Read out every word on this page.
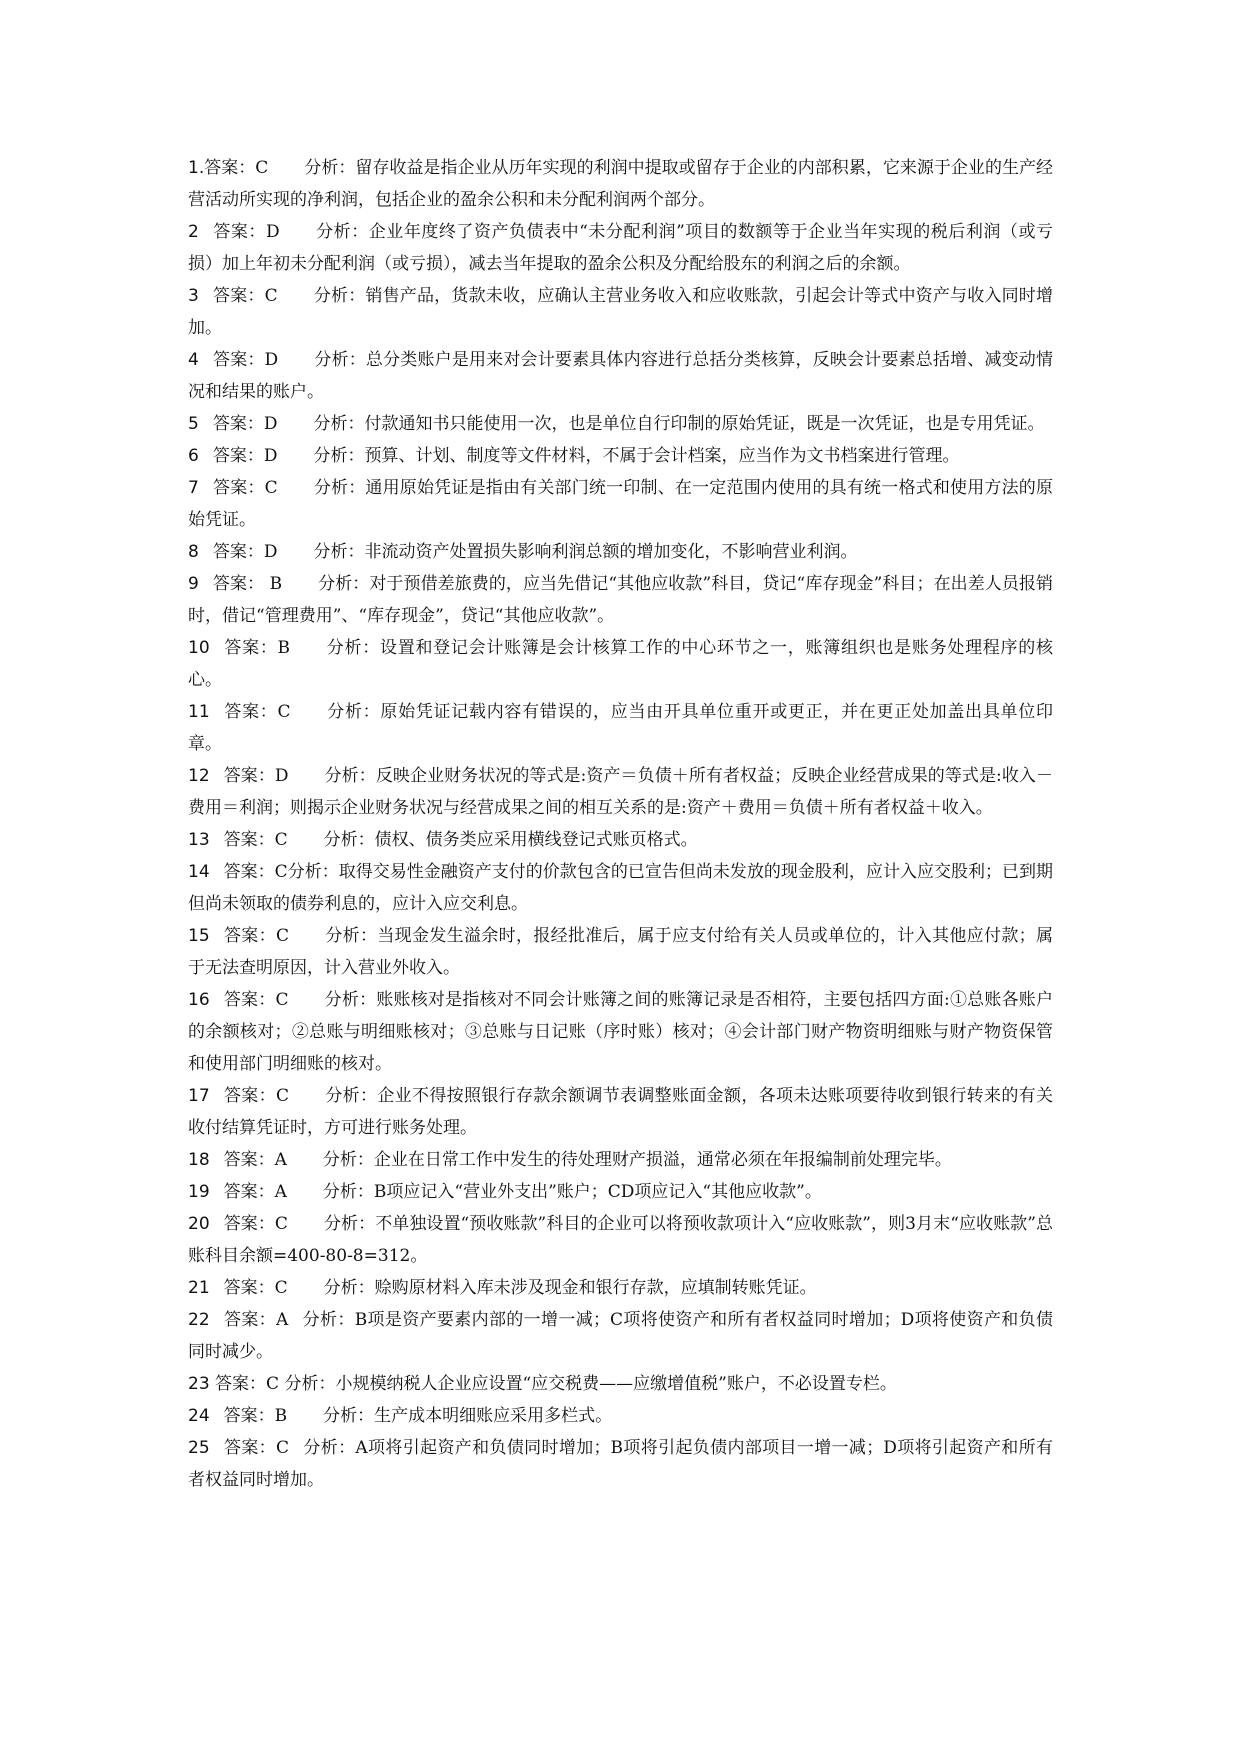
1.答案：C 分析：留存收益是指企业从历年实现的利润中提取或留存于企业的内部积累，它来源于企业的生产经营活动所实现的净利润，包括企业的盈余公积和未分配利润两个部分。

2 答案：D 分析：企业年度终了资产负债表中“未分配利润”项目的数额等于企业当年实现的税后利润（或亏损）加上年初未分配利润（或亏损），减去当年提取的盈余公积及分配给股东的利润之后的余额。

3 答案：C 分析：销售产品，货款未收，应确认主营业务收入和应收账款，引起会计等式中资产与收入同时增加。

4 答案：D 分析：总分类账户是用来对会计要素具体内容进行总括分类核算，反映会计要素总括增、减变动情况和结果的账户。

5 答案：D 分析：付款通知书只能使用一次，也是单位自行印制的原始凭证，既是一次凭证，也是专用凭证。

6 答案：D 分析：预算、计划、制度等文件材料，不属于会计档案，应当作为文书档案进行管理。

7 答案：C 分析：通用原始凭证是指由有关部门统一印制、在一定范围内使用的具有统一格式和使用方法的原始凭证。

8 答案：D 分析：非流动资产处置损失影响利润总额的增加变化，不影响营业利润。

9 答案： B 分析：对于预借差旅费的，应当先借记“其他应收款”科目，贷记“库存现金”科目；在出差人员报销时，借记“管理费用”、“库存现金”，贷记“其他应收款”。

10 答案：B 分析：设置和登记会计账簿是会计核算工作的中心环节之一，账簿组织也是账务处理程序的核心。

11 答案：C 分析：原始凭证记载内容有错误的，应当由开具单位重开或更正，并在更正处加盖出具单位印章。

12 答案：D 分析：反映企业财务状况的等式是:资产＝负债＋所有者权益；反映企业经营成果的等式是:收入－费用＝利润；则揭示企业财务状况与经营成果之间的相互关系的是:资产＋费用＝负债＋所有者权益＋收入。

13 答案：C 分析：债权、债务类应采用横线登记式账页格式。

14 答案：C分析：取得交易性金融资产支付的价款包含的已宣告但尚未发放的现金股利，应计入应交股利；已到期但尚未领取的债券利息的，应计入应交利息。

15 答案：C 分析：当现金发生溢余时，报经批准后，属于应支付给有关人员或单位的，计入其他应付款；属于无法查明原因，计入营业外收入。

16 答案：C 分析：账账核对是指核对不同会计账簿之间的账簿记录是否相符，主要包括四方面:①总账各账户的余额核对；②总账与明细账核对；③总账与日记账（序时账）核对；④会计部门财产物资明细账与财产物资保管和使用部门明细账的核对。

17 答案：C 分析：企业不得按照银行存款余额调节表调整账面金额，各项未达账项要待收到银行转来的有关收付结算凭证时，方可进行账务处理。

18 答案：A 分析：企业在日常工作中发生的待处理财产损溢，通常必须在年报编制前处理完毕。

19 答案：A 分析：B项应记入“营业外支出”账户；CD项应记入“其他应收款”。

20 答案：C 分析：不单独设置“预收账款”科目的企业可以将预收款项计入“应收账款”，则3月末“应收账款”总账科目余额=400-80-8=312。

21 答案：C 分析：赊购原材料入库未涉及现金和银行存款，应填制转账凭证。

22 答案：A 分析：B项是资产要素内部的一增一减；C项将使资产和所有者权益同时增加；D项将使资产和负债同时减少。

23 答案：C 分析：小规模纳税人企业应设置“应交税费——应缴增值税”账户，不必设置专栏。

24 答案：B 分析：生产成本明细账应采用多栏式。

25 答案：C 分析：A项将引起资产和负债同时增加；B项将引起负债内部项目一增一减；D项将引起资产和所有者权益同时增加。
